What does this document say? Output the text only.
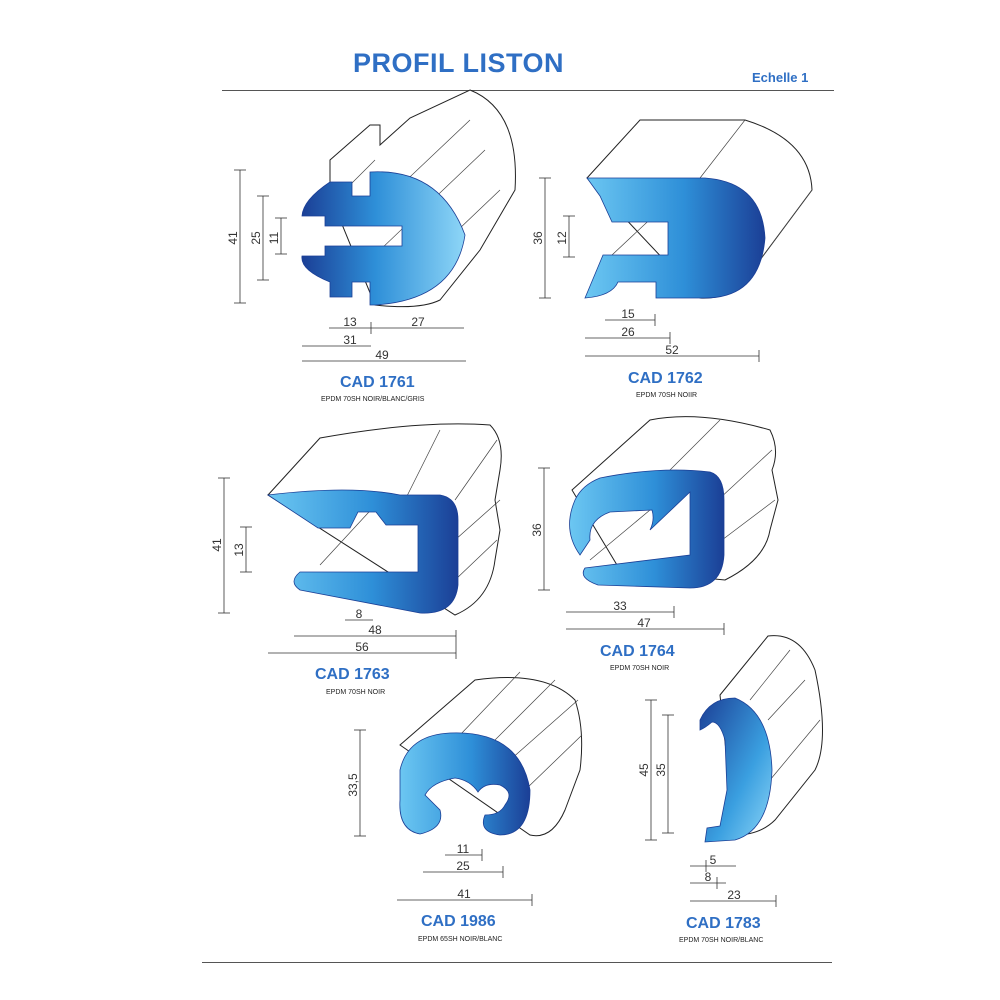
PROFIL LISTON	Echelle 1
41 25 11
13	27
31
49
36 12
15
26
52
41 13
8
48
56
36
33
47
33,5
11
25
41
45 35
5
8
23
CAD 1761
EPDM 70SH NOIR/BLANC/GRIS
CAD 1762
EPDM 70SH NOIIR
CAD 1763
EPDM 70SH NOIR
CAD 1764
EPDM 70SH NOIR
CAD 1986
EPDM 65SH NOIR/BLANC
CAD 1783
EPDM 70SH NOIR/BLANC
